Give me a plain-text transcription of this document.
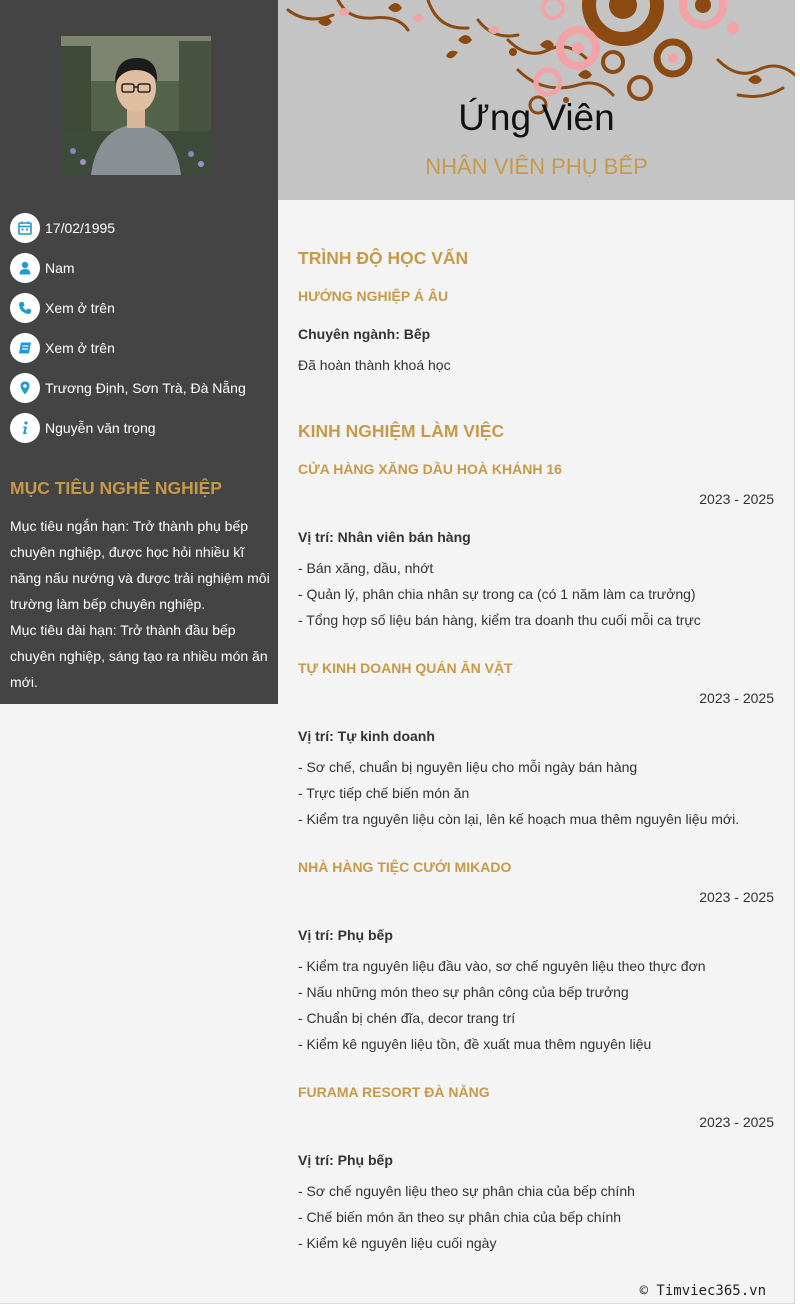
17/02/1995
Nam
Xem ở trên
Xem ở trên
Trương Định, Sơn Trà, Đà Nẵng
Nguyễn văn trọng
MỤC TIÊU NGHỀ NGHIỆP
Mục tiêu ngắn hạn: Trở thành phụ bếp chuyên nghiệp, được học hỏi nhiều kĩ năng nấu nướng và được trải nghiệm môi trường làm bếp chuyên nghiệp.
Mục tiêu dài hạn: Trở thành đầu bếp chuyên nghiệp, sáng tạo ra nhiều món ăn mới.
Ứng Viên
NHÂN VIÊN PHỤ BẾP
TRÌNH ĐỘ HỌC VẤN
HƯỚNG NGHIỆP Á ÂU
Chuyên ngành: Bếp
Đã hoàn thành khoá học
KINH NGHIỆM LÀM VIỆC
CỬA HÀNG XĂNG DẦU HOÀ KHÁNH 16
2023 - 2025
Vị trí: Nhân viên bán hàng
- Bán xăng, dầu, nhớt
- Quản lý, phân chia nhân sự trong ca (có 1 năm làm ca trưởng)
- Tổng hợp số liệu bán hàng, kiểm tra doanh thu cuối mỗi ca trực
TỰ KINH DOANH QUÁN ĂN VẶT
2023 - 2025
Vị trí: Tự kinh doanh
- Sơ chế, chuẩn bị nguyên liệu cho mỗi ngày bán hàng
- Trực tiếp chế biến món ăn
- Kiểm tra nguyên liệu còn lại, lên kế hoạch mua thêm nguyên liệu mới.
NHÀ HÀNG TIỆC CƯỚI MIKADO
2023 - 2025
Vị trí: Phụ bếp
- Kiểm tra nguyên liệu đầu vào, sơ chế nguyên liệu theo thực đơn
- Nấu những món theo sự phân công của bếp trưởng
- Chuẩn bị chén đĩa, decor trang trí
- Kiểm kê nguyên liệu tồn, đề xuất mua thêm nguyên liệu
FURAMA RESORT ĐÀ NẴNG
2023 - 2025
Vị trí: Phụ bếp
- Sơ chế nguyên liệu theo sự phân chia của bếp chính
- Chế biến món ăn theo sự phân chia của bếp chính
- Kiểm kê nguyên liệu cuối ngày
© Timviec365.vn
